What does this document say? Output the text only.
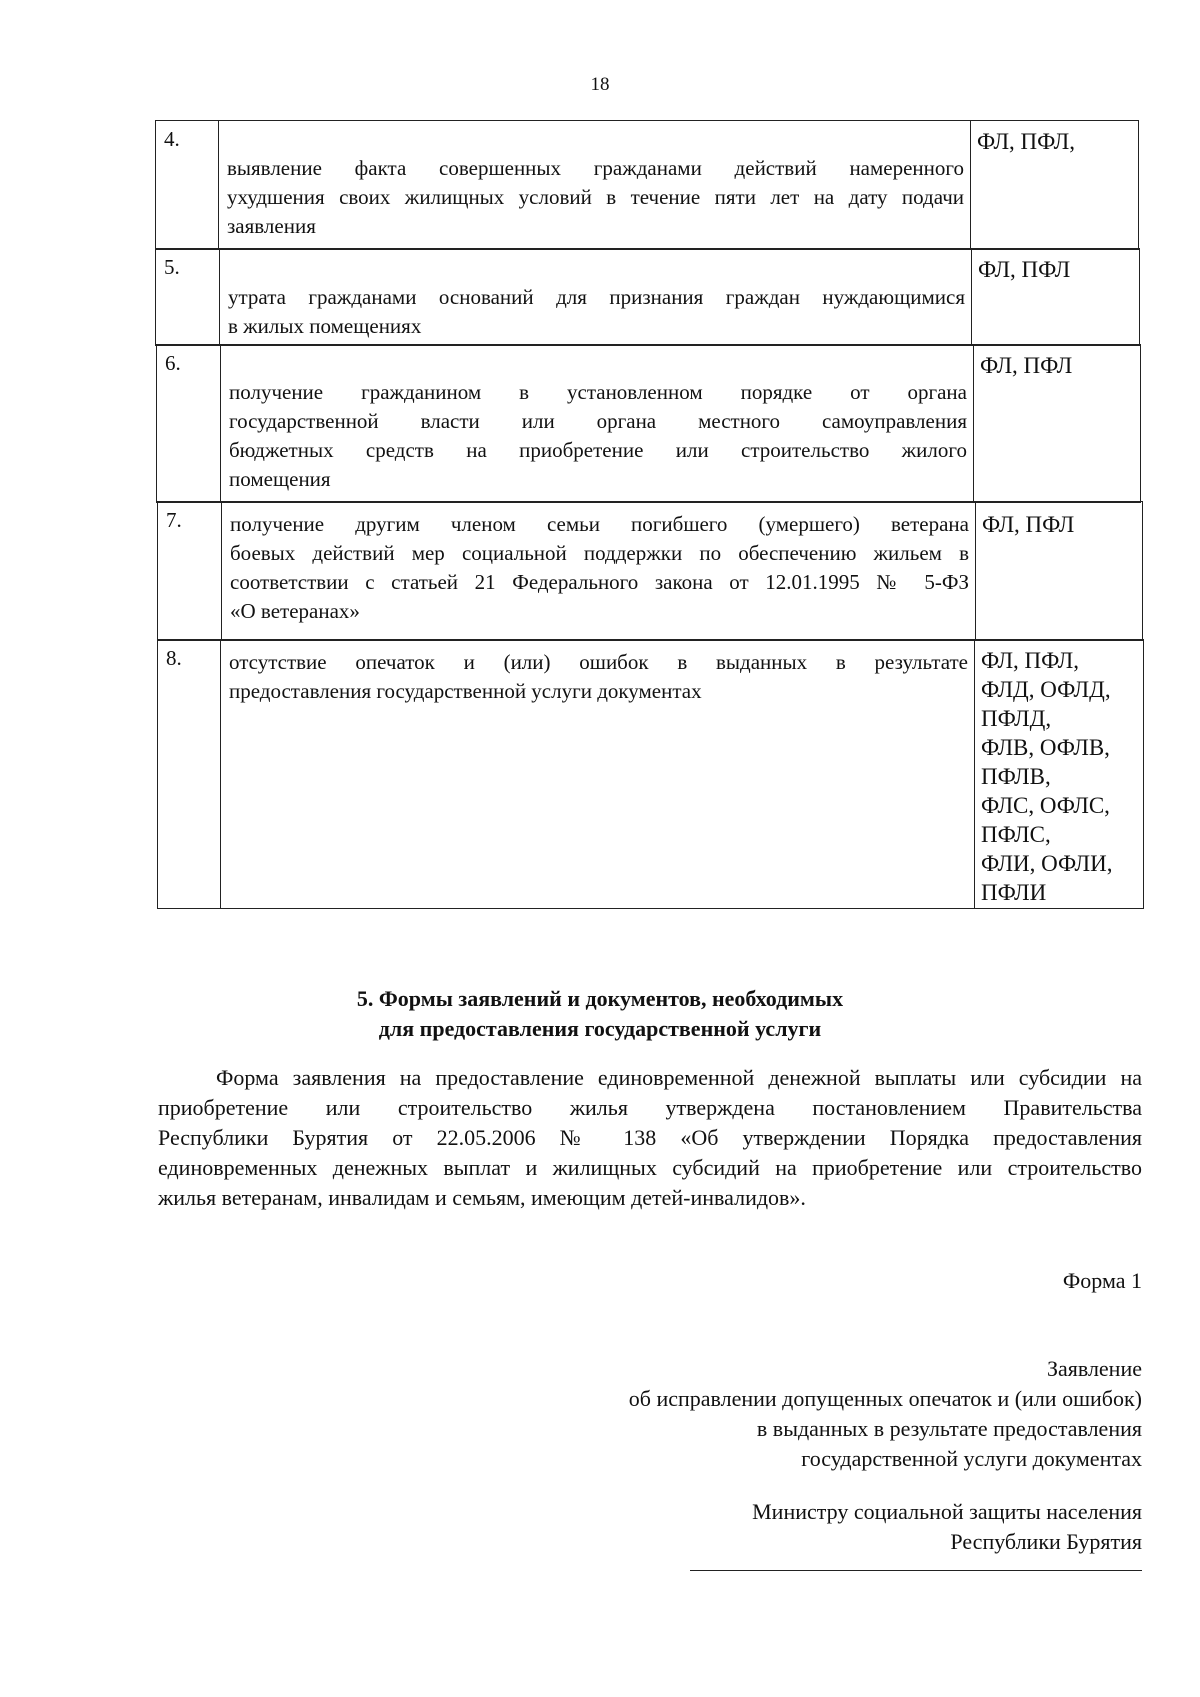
18
4.
выявление факта совершенных гражданами действий намеренного
ухудшения своих жилищных условий в течение пяти лет на дату подачи
заявления
ФЛ, ПФЛ,
5.
утрата гражданами оснований для признания граждан нуждающимися
в жилых помещениях
ФЛ, ПФЛ
6.
получение гражданином в установленном порядке от органа
государственной власти или органа местного самоуправления
бюджетных средств на приобретение или строительство жилого
помещения
ФЛ, ПФЛ
7.	получение другим членом семьи погибшего (умершего) ветерана
боевых действий мер социальной поддержки по обеспечению жильем в
соответствии с статьей 21 Федерального закона от 12.01.1995 № 5-ФЗ
«О ветеранах»
ФЛ, ПФЛ
8.	отсутствие опечаток и (или) ошибок в выданных в результате
предоставления государственной услуги документах
ФЛ, ПФЛ,
ФЛД, ОФЛД,
ПФЛД,
ФЛВ, ОФЛВ,
ПФЛВ,
ФЛС, ОФЛС,
ПФЛС,
ФЛИ, ОФЛИ,
ПФЛИ
5. Формы заявлений и документов, необходимых
для предоставления государственной услуги
Форма заявления на предоставление единовременной денежной выплаты или субсидии на
приобретение или строительство жилья утверждена постановлением Правительства
Республики Бурятия от 22.05.2006 № 138 «Об утверждении Порядка предоставления
единовременных денежных выплат и жилищных субсидий на приобретение или строительство
жилья ветеранам, инвалидам и семьям, имеющим детей-инвалидов».
Форма 1
Заявление
об исправлении допущенных опечаток и (или ошибок)
в выданных в результате предоставления
государственной услуги документах
Министру социальной защиты населения
Республики Бурятия
